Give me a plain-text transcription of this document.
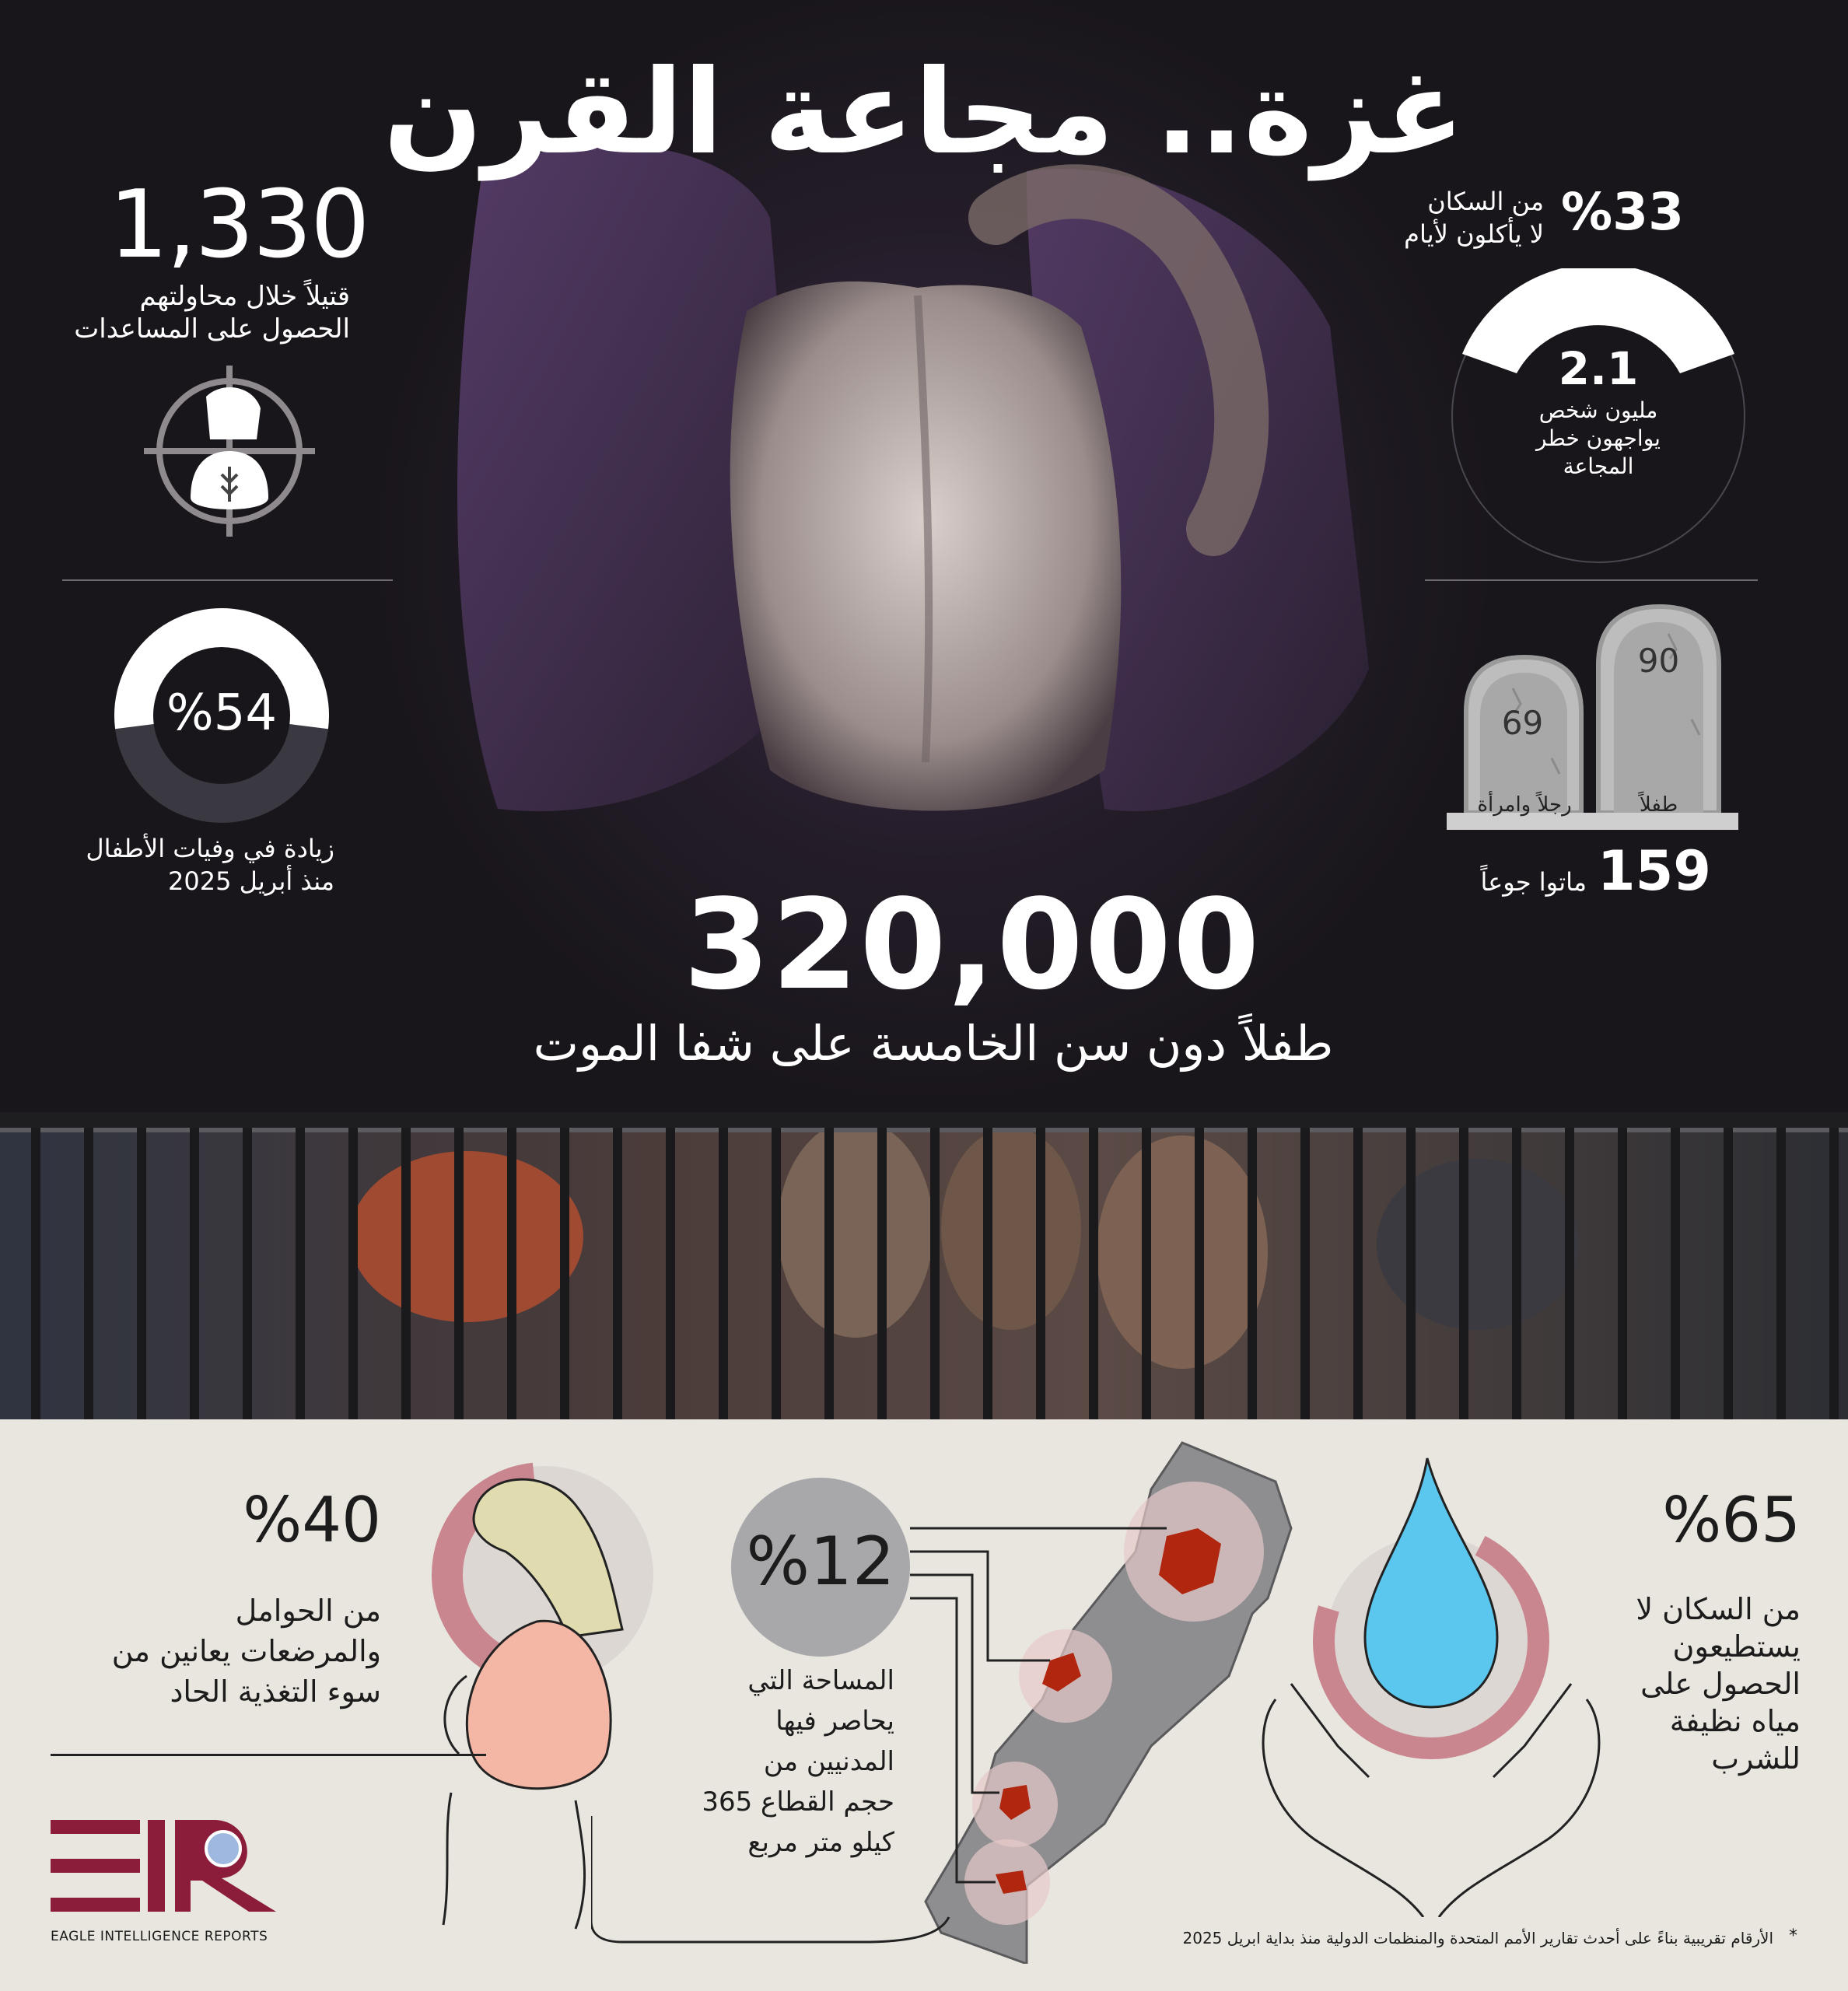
غزة.. مجاعة القرن
1,330
قتيلاً خلال محاولتهم
الحصول على المساعدات
%54
زيادة في وفيات الأطفال
منذ أبريل 2025
%33
من السكان
لا يأكلون لأيام
2.1
مليون شخص
يواجهون خطر
المجاعة
90
طفلاً
69
رجلاً وامرأة
159
ماتوا جوعاً
320,000
طفلاً دون سن الخامسة على شفا الموت
%40
من الحوامل
والمرضعات يعانين من
سوء التغذية الحاد
EAGLE INTELLIGENCE REPORTS
%12
المساحة التي
يحاصر فيها
المدنيين من
حجم القطاع 365
كيلو متر مربع
%65
من السكان لا
يستطيعون
الحصول على
مياه نظيفة
للشرب
الأرقام تقريبية بناءً على أحدث تقارير الأمم المتحدة والمنظمات الدولية منذ بداية ابريل 2025 *
